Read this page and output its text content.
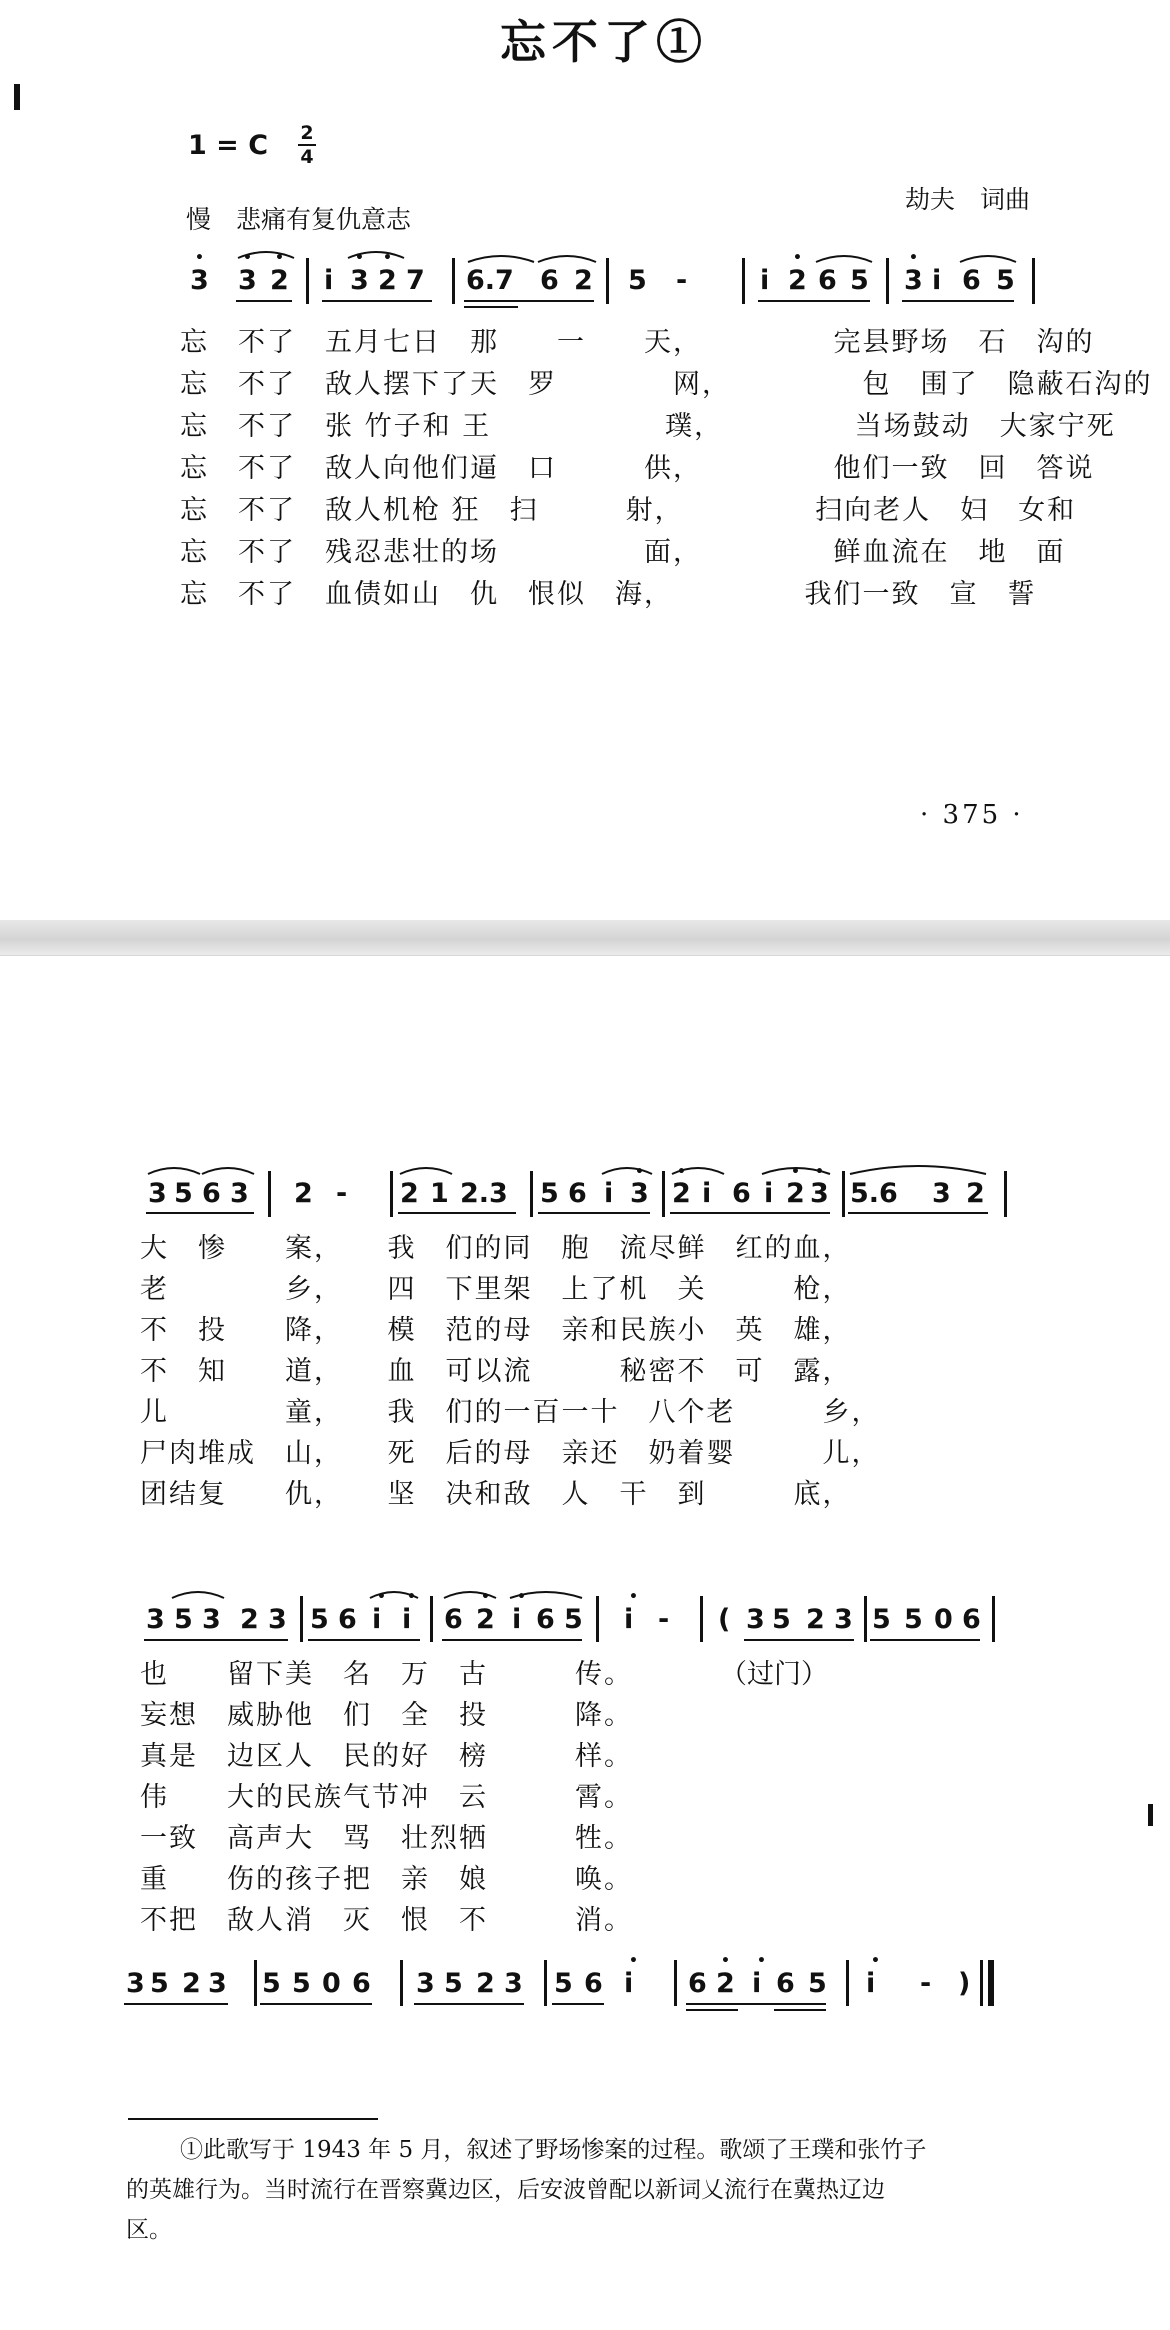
忘不了①
1 = C 2
4
慢　悲痛有复仇意志
劫夫　词曲
3 3 2 i 3 2 7 6.7 6 2 5 -	i 2 6 5 3 i 6 5
•	• •	• •	•	•
忘　不了　五月七日　那　　一　　天，　　　　　完县野场　石　沟的
忘　不了　敌人摆下了天　罗　　　　网，　　　　　包　围了　隐蔽石沟的
忘　不了　张 竹子和 王　　　　　　璞，　　　　　当场鼓动　大家宁死
忘　不了　敌人向他们逼　口　　　供，　　　　　他们一致　回　答说
忘　不了　敌人机枪 狂　扫　　　射，　　　　　扫向老人　妇　女和
忘　不了　残忍悲壮的场　　　　　面，　　　　　鲜血流在　地　面
忘　不了　血债如山　仇　恨似　海，　　　　　我们一致　宣　誓
· 375 ·
3 5 6 3 2 - 2 1 2.3 5 6 i 3 2 i 6 i 2 3 5.6 3 2
• •	• •
大　惨　　案，　　我　们的同　胞　流尽鲜　红的血，
老　　　　乡，　　四　下里架　上了机　关　　　枪，
不　投　　降，　　模　范的母　亲和民族小　英　雄，
不　知　　道，　　血　可以流　　　秘密不　可　露，
儿　　　　童，　　我　们的一百一十　八个老　　　乡，
尸肉堆成　山，　　死　后的母　亲还　奶着婴　　　儿，
团结复　　仇，　　坚　决和敌　人　干　到　　　底，
3 5 3 2 3 5 6 i i 6 2 i 6 5 i - ( 3 5 2 3 5 5 0 6
• •	• •	•
也　　留下美　名　万　古　　　传。	（过门）
妄想　威胁他　们　全　投　　　降。
真是　边区人　民的好　榜　　　样。
伟　　大的民族气节冲　云　　　霄。
一致　高声大　骂　壮烈牺　　　牲。
重　　伤的孩子把　亲　娘　　　唤。
不把　敌人消　灭　恨　不　　　消。
3 5 2 3 5 5 0 6 3 5 2 3 5 6 i 6 2 i 6 5 i - )
•	• •	•
①此歌写于 1943 年 5 月，叙述了野场惨案的过程。歌颂了王璞和张竹子
的英雄行为。当时流行在晋察冀边区，后安波曾配以新词乂流行在冀热辽边
区。
